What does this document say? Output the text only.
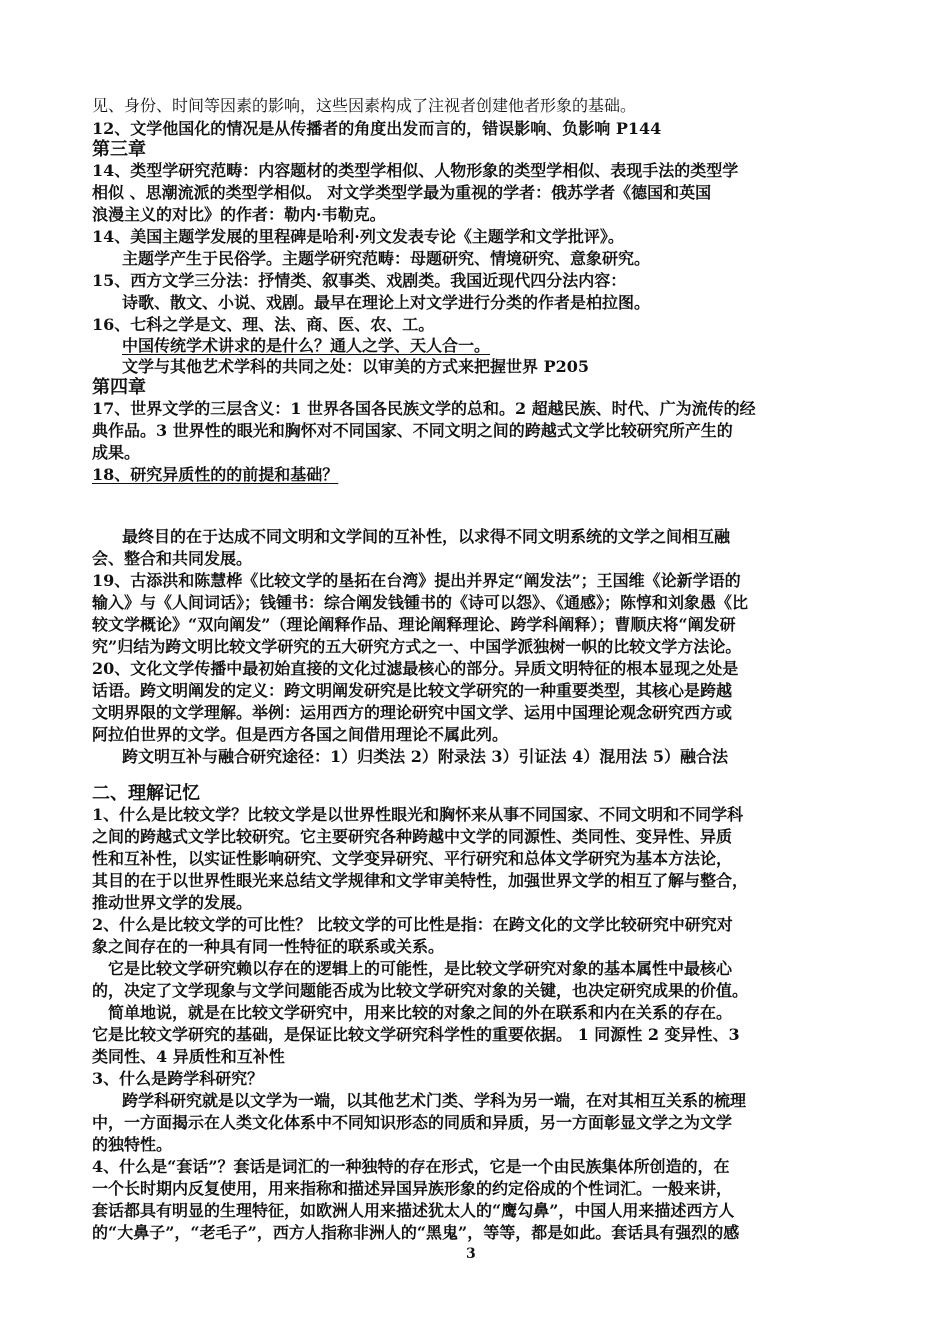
见、身份、时间等因素的影响，这些因素构成了注视者创建他者形象的基础。
12、文学他国化的情况是从传播者的角度出发而言的，错误影响、负影响 P144
第三章
14、类型学研究范畴：内容题材的类型学相似、人物形象的类型学相似、表现手法的类型学
相似 、思潮流派的类型学相似。 对文学类型学最为重视的学者：俄苏学者《德国和英国
浪漫主义的对比》的作者：勒内·韦勒克。
14、美国主题学发展的里程碑是哈利·列文发表专论《主题学和文学批评》。
主题学产生于民俗学。主题学研究范畴：母题研究、情境研究、意象研究。
15、西方文学三分法：抒情类、叙事类、戏剧类。我国近现代四分法内容：
诗歌、散文、小说、戏剧。最早在理论上对文学进行分类的作者是柏拉图。
16、七科之学是文、理、法、商、医、农、工。
中国传统学术讲求的是什么？通人之学、天人合一。
文学与其他艺术学科的共同之处：以审美的方式来把握世界 P205
第四章
17、世界文学的三层含义：1 世界各国各民族文学的总和。2 超越民族、时代、广为流传的经
典作品。3 世界性的眼光和胸怀对不同国家、不同文明之间的跨越式文学比较研究所产生的
成果。
18、研究异质性的的前提和基础？
最终目的在于达成不同文明和文学间的互补性，以求得不同文明系统的文学之间相互融
会、整合和共同发展。
19、古添洪和陈慧桦《比较文学的垦拓在台湾》提出并界定“阐发法”；王国维《论新学语的
输入》与《人间词话》；钱锺书：综合阐发钱锺书的《诗可以怨》、《通感》；陈惇和刘象愚《比
较文学概论》“双向阐发”（理论阐释作品、理论阐释理论、跨学科阐释）；曹顺庆将“阐发研
究”归结为跨文明比较文学研究的五大研究方式之一、中国学派独树一帜的比较文学方法论。
20、文化文学传播中最初始直接的文化过滤最核心的部分。异质文明特征的根本显现之处是
话语。跨文明阐发的定义：跨文明阐发研究是比较文学研究的一种重要类型，其核心是跨越
文明界限的文学理解。举例：运用西方的理论研究中国文学、运用中国理论观念研究西方或
阿拉伯世界的文学。但是西方各国之间借用理论不属此列。
跨文明互补与融合研究途径：1）归类法 2）附录法 3）引证法 4）混用法 5）融合法
二、理解记忆
1、什么是比较文学？比较文学是以世界性眼光和胸怀来从事不同国家、不同文明和不同学科
之间的跨越式文学比较研究。它主要研究各种跨越中文学的同源性、类同性、变异性、异质
性和互补性，以实证性影响研究、文学变异研究、平行研究和总体文学研究为基本方法论，
其目的在于以世界性眼光来总结文学规律和文学审美特性，加强世界文学的相互了解与整合，
推动世界文学的发展。
2、什么是比较文学的可比性？ 比较文学的可比性是指：在跨文化的文学比较研究中研究对
象之间存在的一种具有同一性特征的联系或关系。
它是比较文学研究赖以存在的逻辑上的可能性，是比较文学研究对象的基本属性中最核心
的，决定了文学现象与文学问题能否成为比较文学研究对象的关键，也决定研究成果的价值。
简单地说，就是在比较文学研究中，用来比较的对象之间的外在联系和内在关系的存在。
它是比较文学研究的基础，是保证比较文学研究科学性的重要依据。 1 同源性 2 变异性、3
类同性、4 异质性和互补性
3、什么是跨学科研究？
跨学科研究就是以文学为一端，以其他艺术门类、学科为另一端，在对其相互关系的梳理
中，一方面揭示在人类文化体系中不同知识形态的同质和异质，另一方面彰显文学之为文学
的独特性。
4、什么是“套话”？套话是词汇的一种独特的存在形式，它是一个由民族集体所创造的，在
一个长时期内反复使用，用来指称和描述异国异族形象的约定俗成的个性词汇。一般来讲，
套话都具有明显的生理特征，如欧洲人用来描述犹太人的“鹰勾鼻”，中国人用来描述西方人
的“大鼻子”，“老毛子”，西方人指称非洲人的“黑鬼”，等等，都是如此。套话具有强烈的感
3
